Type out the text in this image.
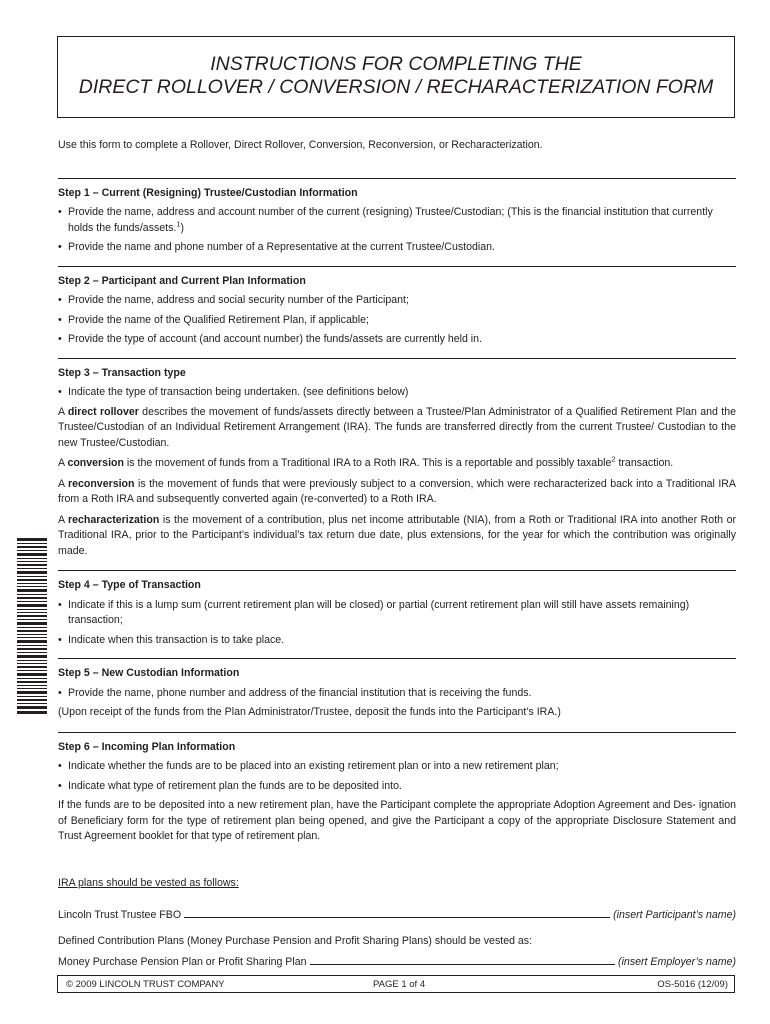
INSTRUCTIONS FOR COMPLETING THE
DIRECT ROLLOVER / CONVERSION / RECHARACTERIZATION FORM

Use this form to complete a Rollover, Direct Rollover, Conversion, Reconversion, or Recharacterization.

Step 1 – Current (Resigning) Trustee/Custodian Information

• Provide the name, address and account number of the current (resigning) Trustee/Custodian; (This is the financial institution that currently holds the funds/assets.$^1$)
• Provide the name and phone number of a Representative at the current Trustee/Custodian.

Step 2 – Participant and Current Plan Information

• Provide the name, address and social security number of the Participant;
• Provide the name of the Qualified Retirement Plan, if applicable;
• Provide the type of account (and account number) the funds/assets are currently held in.

Step 3 – Transaction type

• Indicate the type of transaction being undertaken. (see definitions below)

A direct rollover describes the movement of funds/assets directly between a Trustee/Plan Administrator of a Qualified Retirement Plan and the Trustee/Custodian of an Individual Retirement Arrangement (IRA). The funds are transferred directly from the current Trustee/ Custodian to the new Trustee/Custodian.

A conversion is the movement of funds from a Traditional IRA to a Roth IRA. This is a reportable and possibly taxable$^2$ transaction.

A reconversion is the movement of funds that were previously subject to a conversion, which were recharacterized back into a Traditional IRA from a Roth IRA and subsequently converted again (re-converted) to a Roth IRA.

A recharacterization is the movement of a contribution, plus net income attributable (NIA), from a Roth or Traditional IRA into another Roth or Traditional IRA, prior to the Participant’s individual’s tax return due date, plus extensions, for the year for which the contribution was originally made.

Step 4 – Type of Transaction

• Indicate if this is a lump sum (current retirement plan will be closed) or partial (current retirement plan will still have assets remaining) transaction;
• Indicate when this transaction is to take place.

Step 5 – New Custodian Information

• Provide the name, phone number and address of the financial institution that is receiving the funds.

(Upon receipt of the funds from the Plan Administrator/Trustee, deposit the funds into the Participant’s IRA.)

Step 6 – Incoming Plan Information

• Indicate whether the funds are to be placed into an existing retirement plan or into a new retirement plan;
• Indicate what type of retirement plan the funds are to be deposited into.

If the funds are to be deposited into a new retirement plan, have the Participant complete the appropriate Adoption Agreement and Des- ignation of Beneficiary form for the type of retirement plan being opened, and give the Participant a copy of the appropriate Disclosure Statement and Trust Agreement booklet for that type of retirement plan.

IRA plans should be vested as follows:

Lincoln Trust Trustee FBO	(insert Participant’s name)

Defined Contribution Plans (Money Purchase Pension and Profit Sharing Plans) should be vested as:

Money Purchase Pension Plan or Profit Sharing Plan	(insert Employer’s name)
© 2009 LINCOLN TRUST COMPANY	PAGE 1 of 4	OS-5016 (12/09)
